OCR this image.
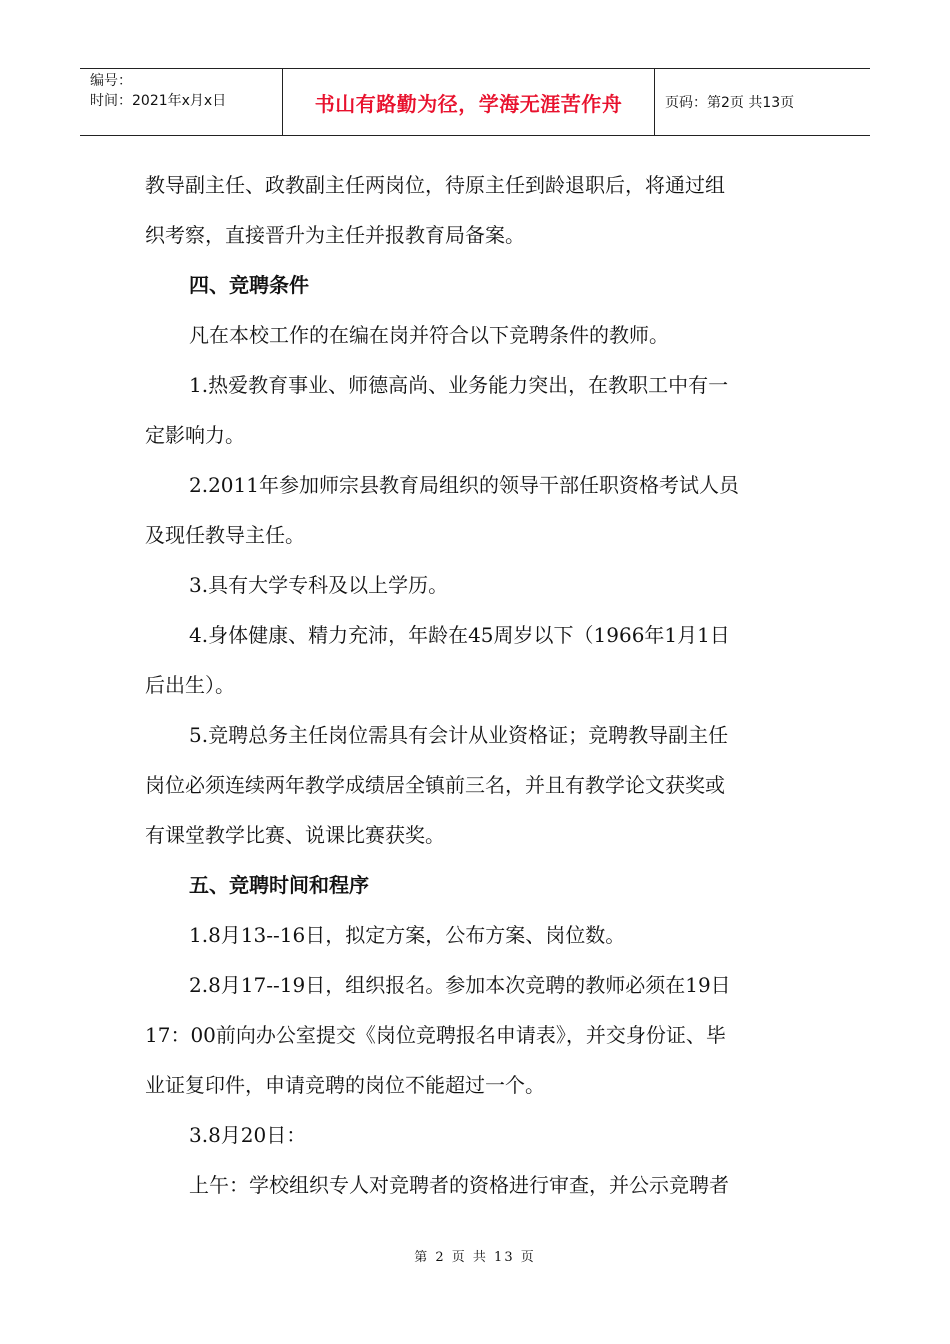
编号：
时间：2021年x月x日	书山有路勤为径，学海无涯苦作舟	页码：第2页 共13页

教导副主任、政教副主任两岗位，待原主任到龄退职后，将通过组

织考察，直接晋升为主任并报教育局备案。

四、竞聘条件

凡在本校工作的在编在岗并符合以下竞聘条件的教师。

1.热爱教育事业、师德高尚、业务能力突出，在教职工中有一

定影响力。

2.2011年参加师宗县教育局组织的领导干部任职资格考试人员

及现任教导主任。

3.具有大学专科及以上学历。

4.身体健康、精力充沛，年龄在45周岁以下（1966年1月1日

后出生）。

5.竞聘总务主任岗位需具有会计从业资格证；竞聘教导副主任

岗位必须连续两年教学成绩居全镇前三名，并且有教学论文获奖或

有课堂教学比赛、说课比赛获奖。

五、竞聘时间和程序

1.8月13--16日，拟定方案，公布方案、岗位数。

2.8月17--19日，组织报名。参加本次竞聘的教师必须在19日

17：00前向办公室提交《岗位竞聘报名申请表》，并交身份证、毕

业证复印件，申请竞聘的岗位不能超过一个。

3.8月20日：

上午：学校组织专人对竞聘者的资格进行审查，并公示竞聘者

第 2 页 共 13 页
